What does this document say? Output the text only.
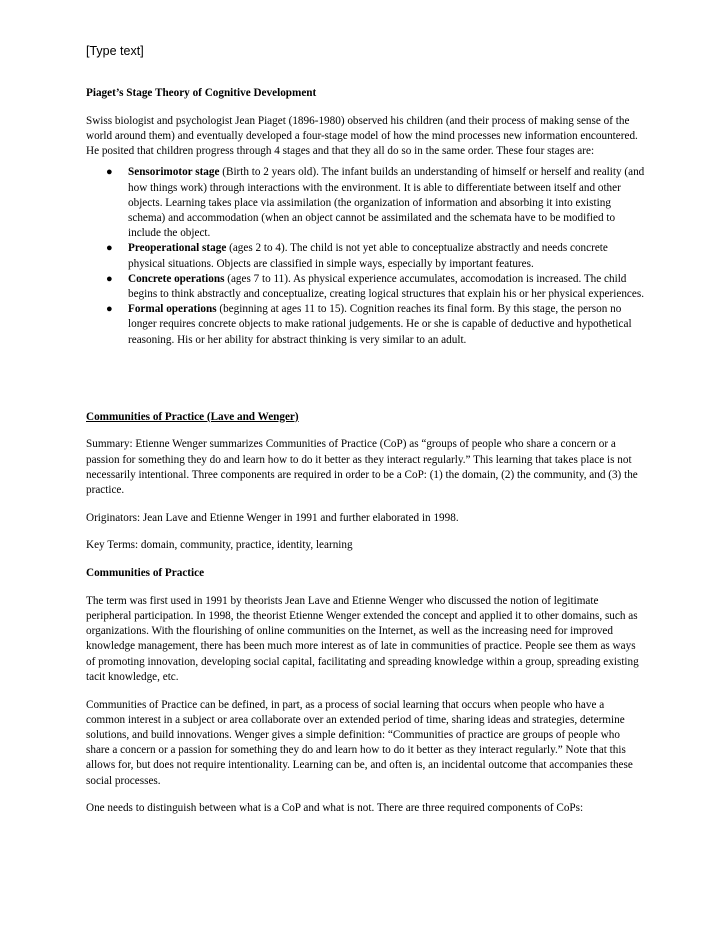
[Type text]

Piaget’s Stage Theory of Cognitive Development

Swiss biologist and psychologist Jean Piaget (1896-1980) observed his children (and their process of making sense of the world around them) and eventually developed a four-stage model of how the mind processes new information encountered. He posited that children progress through 4 stages and that they all do so in the same order. These four stages are:

● Sensorimotor stage (Birth to 2 years old). The infant builds an understanding of himself or herself and reality (and how things work) through interactions with the environment. It is able to differentiate between itself and other objects. Learning takes place via assimilation (the organization of information and absorbing it into existing schema) and accommodation (when an object cannot be assimilated and the schemata have to be modified to include the object.
● Preoperational stage (ages 2 to 4). The child is not yet able to conceptualize abstractly and needs concrete physical situations. Objects are classified in simple ways, especially by important features.
● Concrete operations (ages 7 to 11). As physical experience accumulates, accomodation is increased. The child begins to think abstractly and conceptualize, creating logical structures that explain his or her physical experiences.
● Formal operations (beginning at ages 11 to 15). Cognition reaches its final form. By this stage, the person no longer requires concrete objects to make rational judgements. He or she is capable of deductive and hypothetical reasoning. His or her ability for abstract thinking is very similar to an adult.

Communities of Practice (Lave and Wenger)

Summary: Etienne Wenger summarizes Communities of Practice (CoP) as “groups of people who share a concern or a passion for something they do and learn how to do it better as they interact regularly.” This learning that takes place is not necessarily intentional. Three components are required in order to be a CoP: (1) the domain, (2) the community, and (3) the practice.

Originators: Jean Lave and Etienne Wenger in 1991 and further elaborated in 1998.

Key Terms: domain, community, practice, identity, learning

Communities of Practice

The term was first used in 1991 by theorists Jean Lave and Etienne Wenger who discussed the notion of legitimate peripheral participation. In 1998, the theorist Etienne Wenger extended the concept and applied it to other domains, such as organizations. With the flourishing of online communities on the Internet, as well as the increasing need for improved knowledge management, there has been much more interest as of late in communities of practice. People see them as ways of promoting innovation, developing social capital, facilitating and spreading knowledge within a group, spreading existing tacit knowledge, etc.

Communities of Practice can be defined, in part, as a process of social learning that occurs when people who have a common interest in a subject or area collaborate over an extended period of time, sharing ideas and strategies, determine solutions, and build innovations. Wenger gives a simple definition: “Communities of practice are groups of people who share a concern or a passion for something they do and learn how to do it better as they interact regularly.” Note that this allows for, but does not require intentionality. Learning can be, and often is, an incidental outcome that accompanies these social processes.

One needs to distinguish between what is a CoP and what is not. There are three required components of CoPs:
